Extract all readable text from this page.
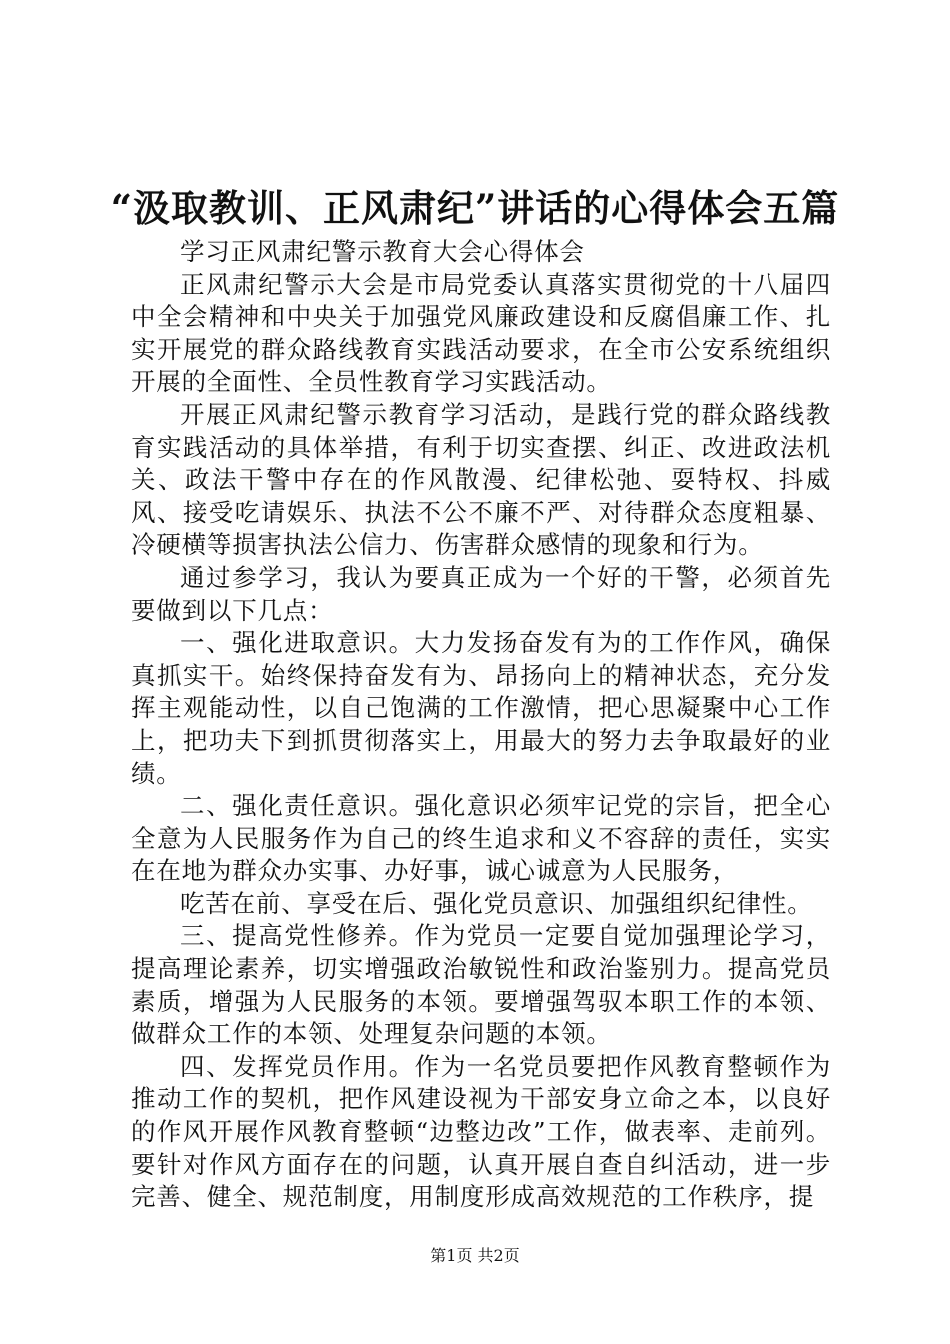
“汲取教训、正风肃纪”讲话的心得体会五篇

学习正风肃纪警示教育大会心得体会

正风肃纪警示大会是市局党委认真落实贯彻党的十八届四中全会精神和中央关于加强党风廉政建设和反腐倡廉工作、扎实开展党的群众路线教育实践活动要求，在全市公安系统组织开展的全面性、全员性教育学习实践活动。

开展正风肃纪警示教育学习活动，是践行党的群众路线教育实践活动的具体举措，有利于切实查摆、纠正、改进政法机关、政法干警中存在的作风散漫、纪律松弛、耍特权、抖威风、接受吃请娱乐、执法不公不廉不严、对待群众态度粗暴、冷硬横等损害执法公信力、伤害群众感情的现象和行为。

通过参学习，我认为要真正成为一个好的干警，必须首先要做到以下几点：

一、强化进取意识。大力发扬奋发有为的工作作风，确保真抓实干。始终保持奋发有为、昂扬向上的精神状态，充分发挥主观能动性，以自己饱满的工作激情，把心思凝聚中心工作上，把功夫下到抓贯彻落实上，用最大的努力去争取最好的业绩。

二、强化责任意识。强化意识必须牢记党的宗旨，把全心全意为人民服务作为自己的终生追求和义不容辞的责任，实实在在地为群众办实事、办好事，诚心诚意为人民服务，

吃苦在前、享受在后、强化党员意识、加强组织纪律性。

三、提高党性修养。作为党员一定要自觉加强理论学习，提高理论素养，切实增强政治敏锐性和政治鉴别力。提高党员素质，增强为人民服务的本领。要增强驾驭本职工作的本领、做群众工作的本领、处理复杂问题的本领。

四、发挥党员作用。作为一名党员要把作风教育整顿作为推动工作的契机，把作风建设视为干部安身立命之本，以良好的作风开展作风教育整顿“边整边改”工作，做表率、走前列。要针对作风方面存在的问题，认真开展自查自纠活动，进一步完善、健全、规范制度，用制度形成高效规范的工作秩序，提

第1页 共2页
